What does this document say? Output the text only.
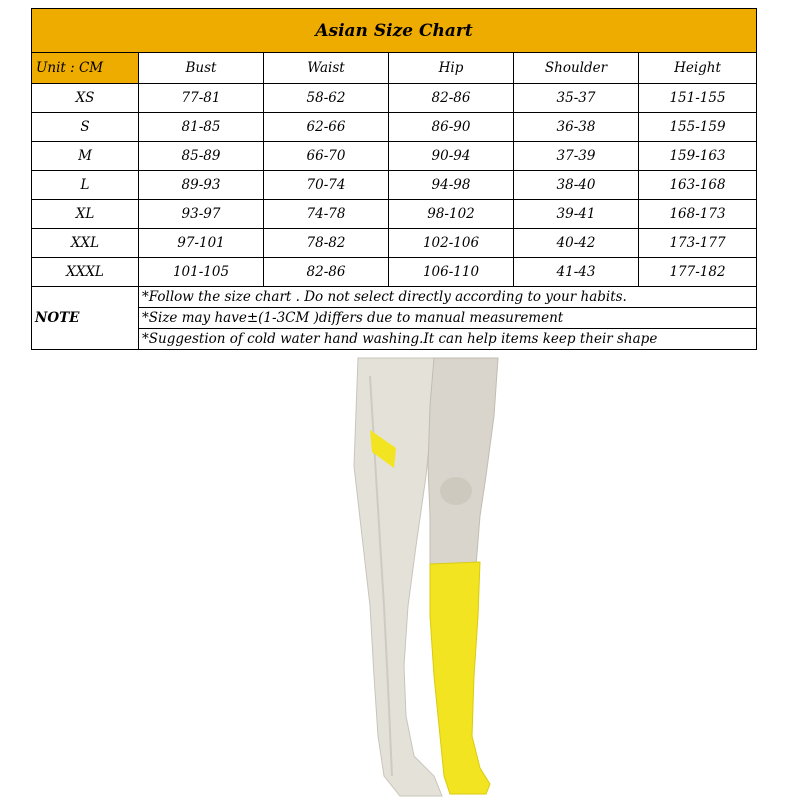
Asian Size Chart					
Unit : CM	Bust	Waist	Hip	Shoulder	Height
XS	77-81	58-62	82-86	35-37	151-155
S	81-85	62-66	86-90	36-38	155-159
M	85-89	66-70	90-94	37-39	159-163
L	89-93	70-74	94-98	38-40	163-168
XL	93-97	74-78	98-102	39-41	168-173
XXL	97-101	78-82	102-106	40-42	173-177
XXXL	101-105	82-86	106-110	41-43	177-182
NOTE	*Follow the size chart . Do not select directly according to your habits.				
	*Size may have±(1-3CM )differs due to manual measurement				
	*Suggestion of cold water hand washing.It can help items keep their shape				
